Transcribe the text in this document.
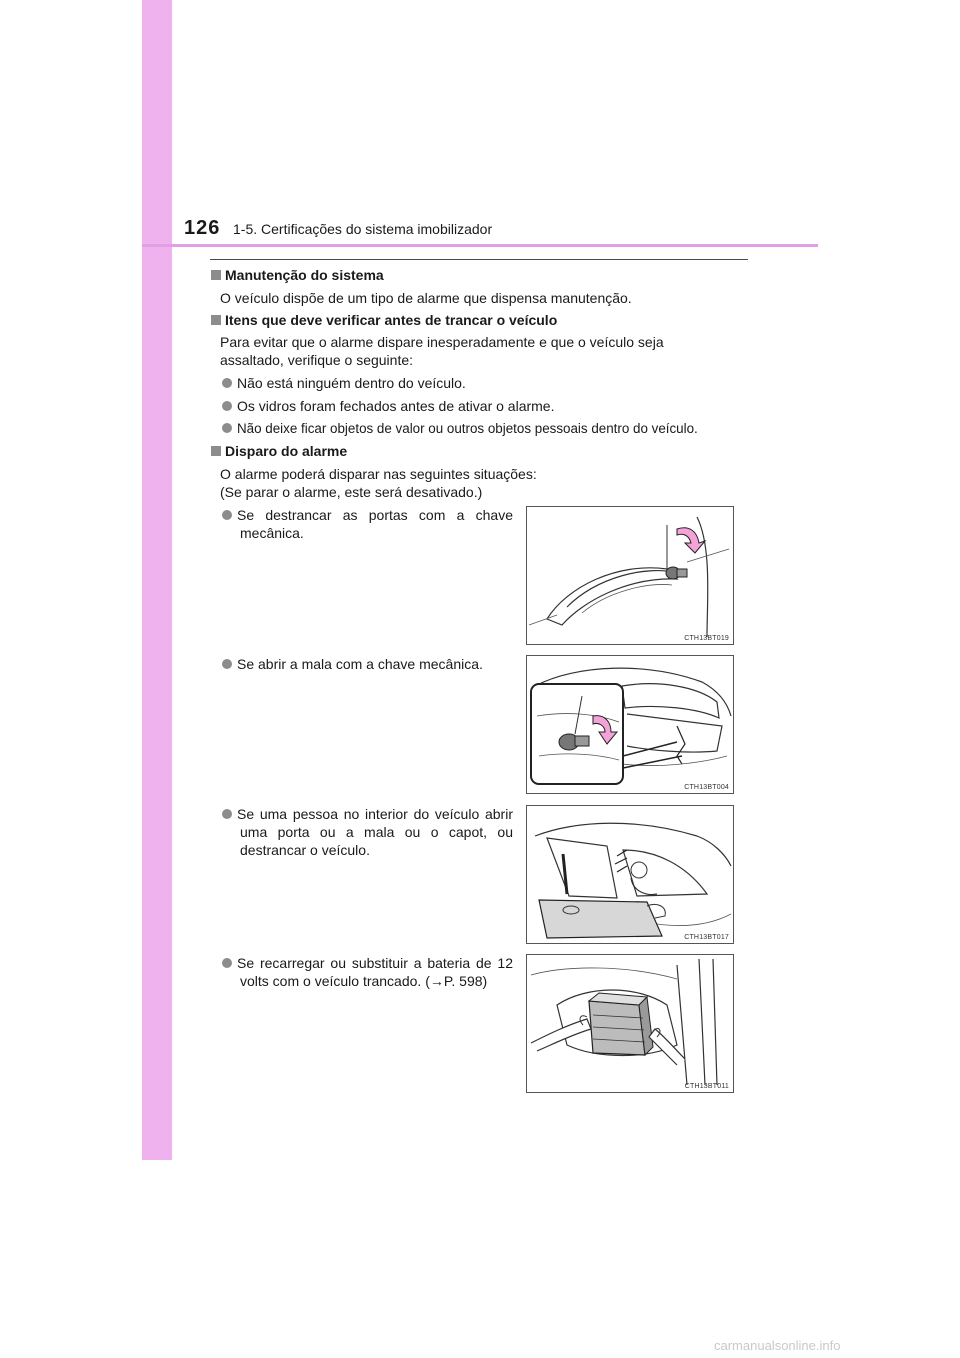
126 1-5. Certificações do sistema imobilizador
Manutenção do sistema
O veículo dispõe de um tipo de alarme que dispensa manutenção.
Itens que deve verificar antes de trancar o veículo
Para evitar que o alarme dispare inesperadamente e que o veículo seja
assaltado, verifique o seguinte:
Não está ninguém dentro do veículo.
Os vidros foram fechados antes de ativar o alarme.
Não deixe ficar objetos de valor ou outros objetos pessoais dentro do veículo.
Disparo do alarme
O alarme poderá disparar nas seguintes situações:
(Se parar o alarme, este será desativado.)
Se destrancar as portas com a chave mecânica.
CTH13BT019
Se abrir a mala com a chave mecânica.
CTH13BT004
Se uma pessoa no interior do veículo abrir uma porta ou a mala ou o capot, ou destrancar o veículo.
CTH13BT017
Se recarregar ou substituir a bateria de 12 volts com o veículo trancado. (→P. 598)
CTH13BT011
carmanualsonline.info
